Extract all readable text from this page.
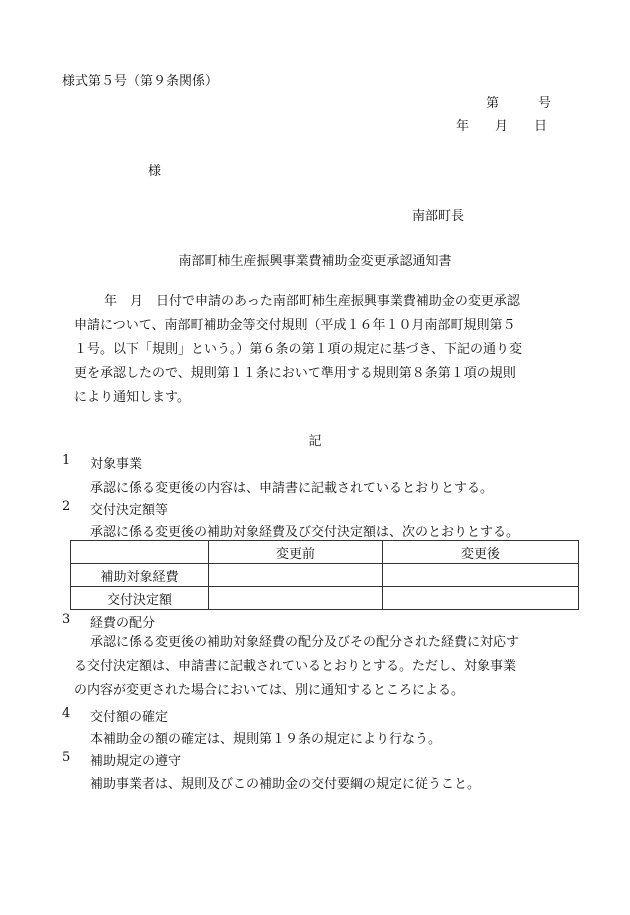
様式第５号（第９条関係）
第　　　号
年　　月　　日
様
南部町長
南部町柿生産振興事業費補助金変更承認通知書
年　月　日付で申請のあった南部町柿生産振興事業費補助金の変更承認
申請について、南部町補助金等交付規則（平成１６年１０月南部町規則第５
１号。以下「規則」という。）第６条の第１項の規定に基づき、下記の通り変
更を承認したので、規則第１１条において準用する規則第８条第１項の規則
により通知します。
記
1 対象事業
承認に係る変更後の内容は、申請書に記載されているとおりとする。
2 交付決定額等
承認に係る変更後の補助対象経費及び交付決定額は、次のとおりとする。
	変更前	変更後
補助対象経費		
交付決定額		
3 経費の配分
承認に係る変更後の補助対象経費の配分及びその配分された経費に対応す
る交付決定額は、申請書に記載されているとおりとする。ただし、対象事業
の内容が変更された場合においては、別に通知するところによる。
4 交付額の確定
本補助金の額の確定は、規則第１９条の規定により行なう。
5 補助規定の遵守
補助事業者は、規則及びこの補助金の交付要綱の規定に従うこと。
